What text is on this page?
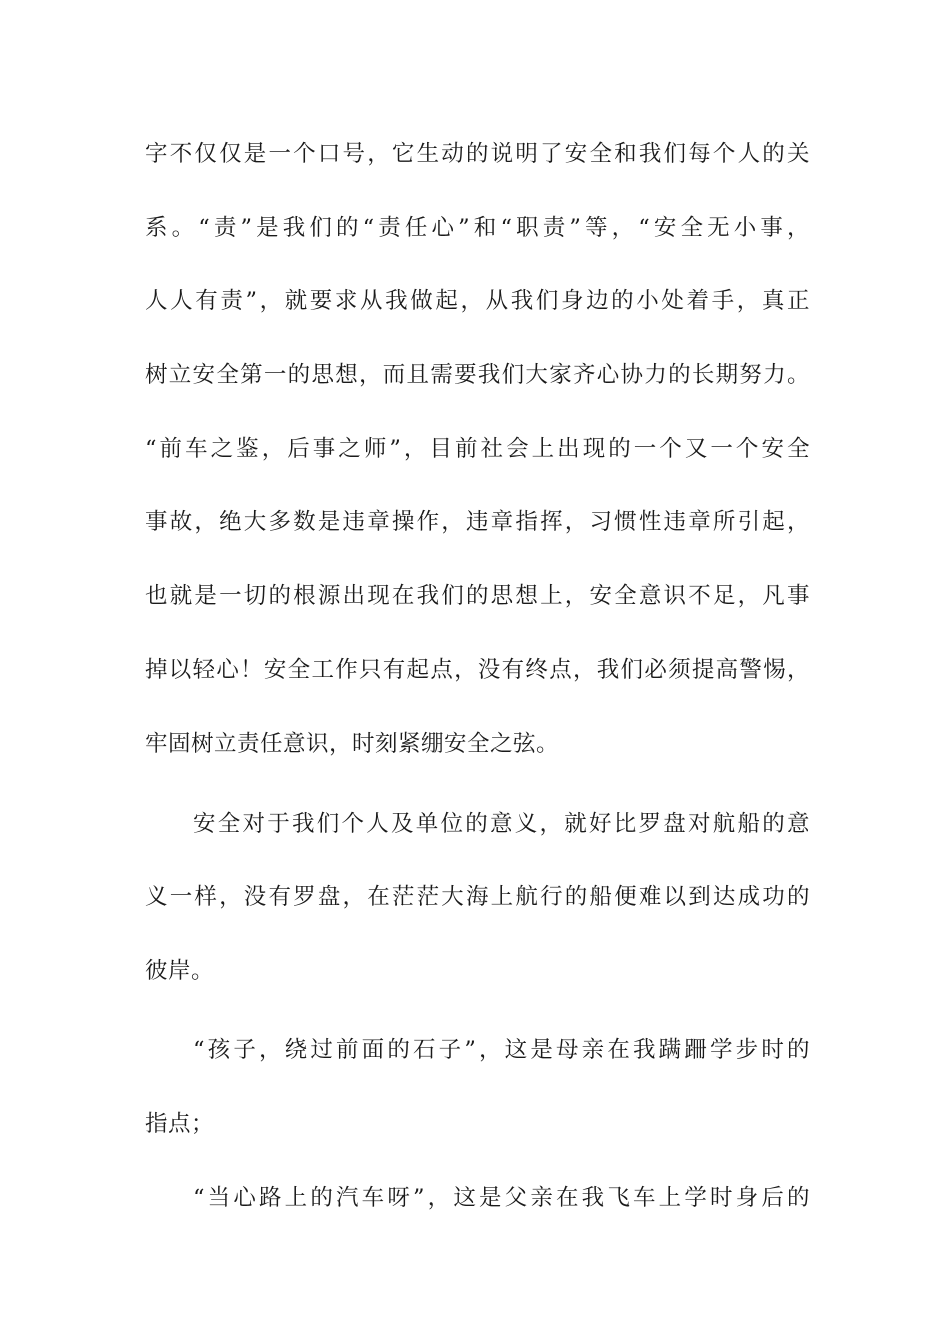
字不仅仅是一个口号，它生动的说明了安全和我们每个人的关
系。“责”是我们的“责任心”和“职责”等，“安全无小事，
人人有责”，就要求从我做起，从我们身边的小处着手，真正
树立安全第一的思想，而且需要我们大家齐心协力的长期努力。
“前车之鉴，后事之师”，目前社会上出现的一个又一个安全
事故，绝大多数是违章操作，违章指挥，习惯性违章所引起，
也就是一切的根源出现在我们的思想上，安全意识不足，凡事
掉以轻心！安全工作只有起点，没有终点，我们必须提高警惕，
牢固树立责任意识，时刻紧绷安全之弦。
安全对于我们个人及单位的意义，就好比罗盘对航船的意
义一样，没有罗盘，在茫茫大海上航行的船便难以到达成功的
彼岸。
“孩子，绕过前面的石子”，这是母亲在我蹒跚学步时的
指点；
“当心路上的汽车呀”，这是父亲在我飞车上学时身后的
